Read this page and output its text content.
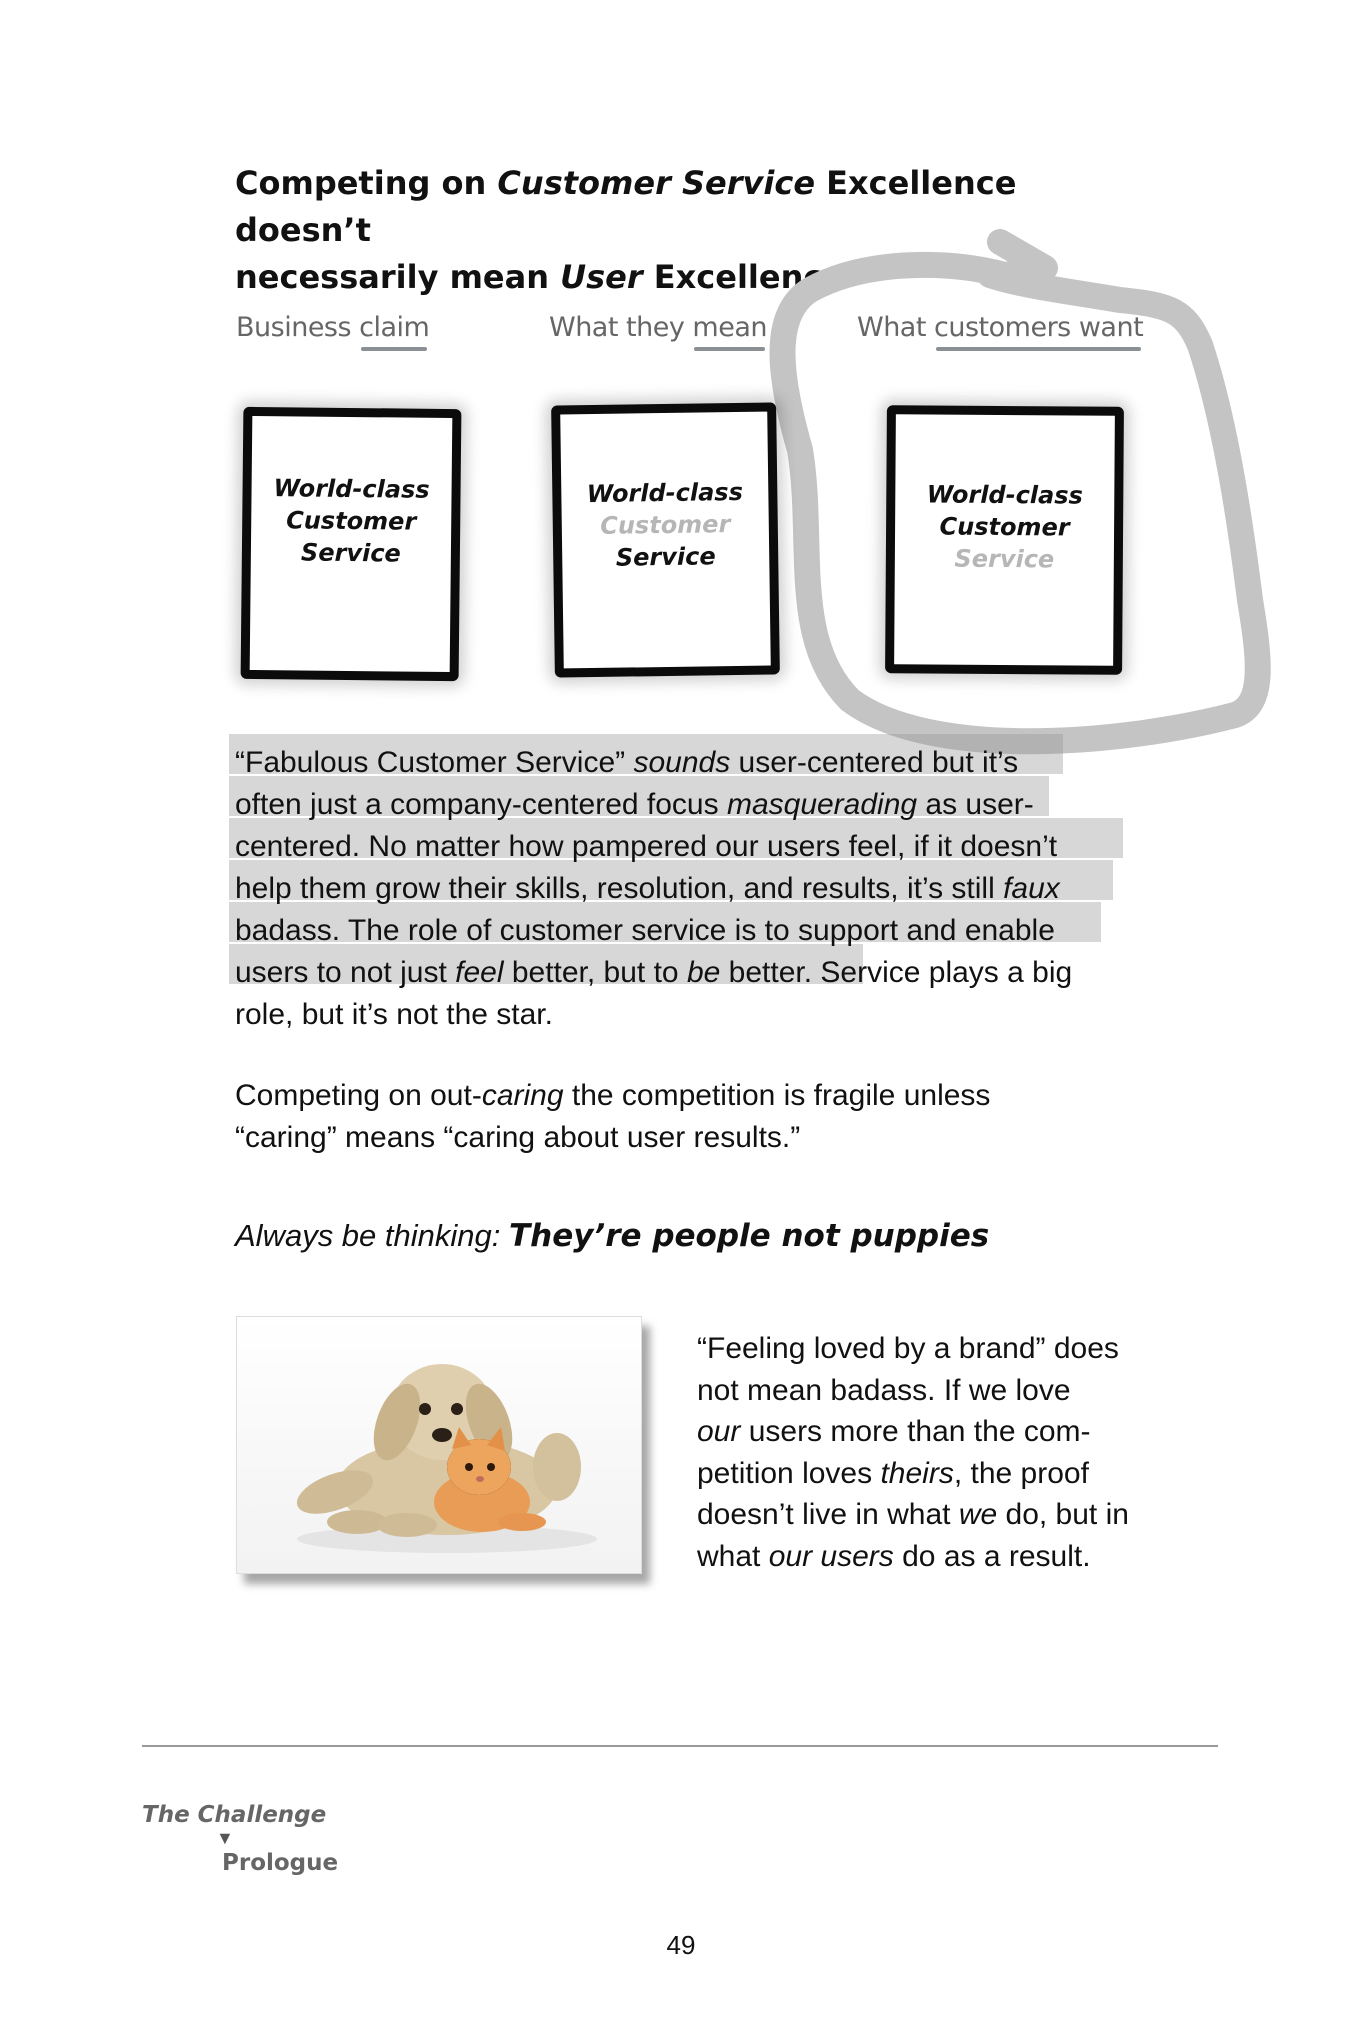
Competing on Customer Service Excellence doesn’t
necessarily mean User Excellence
Business claim	What they mean	What customers want
World-class
Customer
Service
World-class
Customer
Service
World-class
Customer
Service
“Fabulous Customer Service” sounds user-centered but it’s
often just a company-centered focus masquerading as user-
centered. No matter how pampered our users feel, if it doesn’t
help them grow their skills, resolution, and results, it’s still faux
badass. The role of customer service is to support and enable
users to not just feel better, but to be better. Service plays a big
role, but it’s not the star.
Competing on out-caring the competition is fragile unless
“caring” means “caring about user results.”
Always be thinking: They’re people not puppies
“Feeling loved by a brand” does
not mean badass. If we love
our users more than the com-
petition loves theirs, the proof
doesn’t live in what we do, but in
what our users do as a result.
The Challenge
▼
Prologue
49
